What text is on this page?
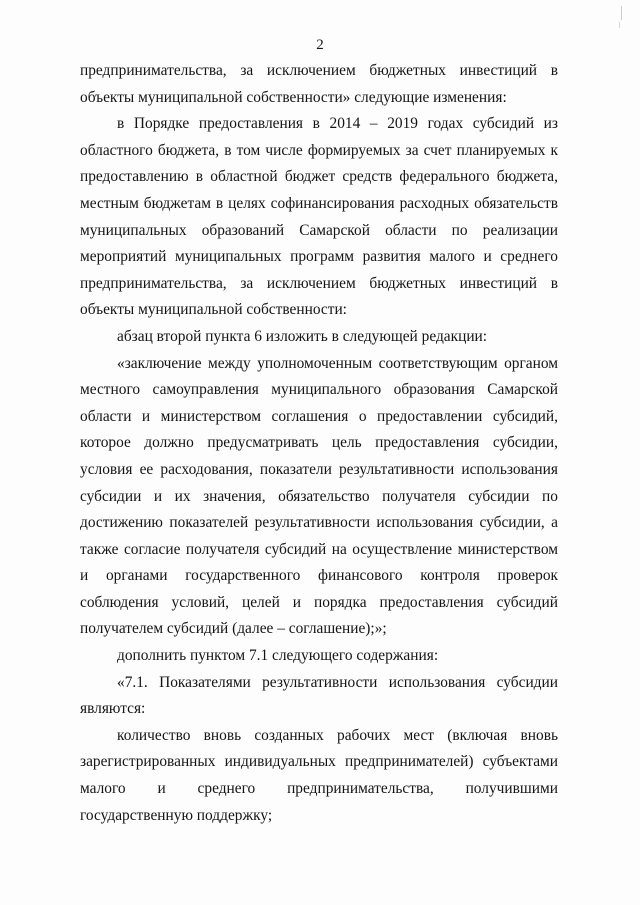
2

предпринимательства, за исключением бюджетных инвестиций в объекты муниципальной собственности» следующие изменения:

в Порядке предоставления в 2014 – 2019 годах субсидий из областного бюджета, в том числе формируемых за счет планируемых к предоставлению в областной бюджет средств федерального бюджета, местным бюджетам в целях софинансирования расходных обязательств муниципальных образований Самарской области по реализации мероприятий муниципальных программ развития малого и среднего предпринимательства, за исключением бюджетных инвестиций в объекты муниципальной собственности:

абзац второй пункта 6 изложить в следующей редакции:

«заключение между уполномоченным соответствующим органом местного самоуправления муниципального образования Самарской области и министерством соглашения о предоставлении субсидий, которое должно предусматривать цель предоставления субсидии, условия ее расходования, показатели результативности использования субсидии и их значения, обязательство получателя субсидии по достижению показателей результативности использования субсидии, а также согласие получателя субсидий на осуществление министерством и органами государственного финансового контроля проверок соблюдения условий, целей и порядка предоставления субсидий получателем субсидий (далее – соглашение);»;

дополнить пунктом 7.1 следующего содержания:

«7.1. Показателями результативности использования субсидии являются:

количество вновь созданных рабочих мест (включая вновь зарегистрированных индивидуальных предпринимателей) субъектами малого и среднего предпринимательства, получившими государственную поддержку;
